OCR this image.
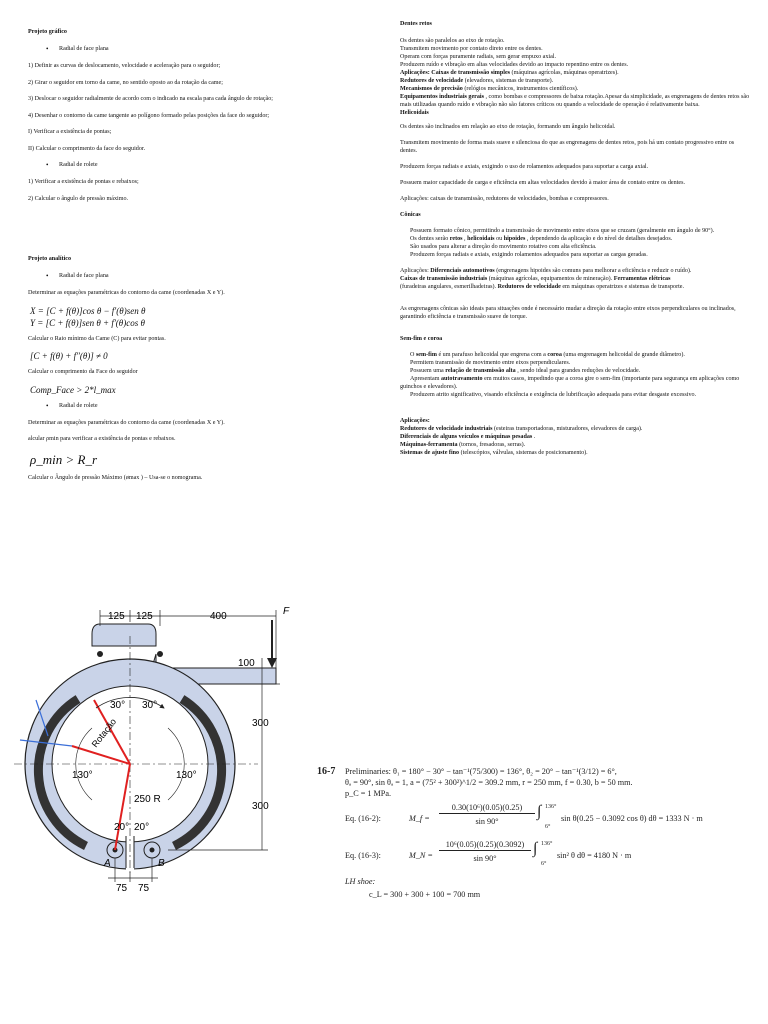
Projeto gráfico
• Radial de face plana
1) Definir as curvas de deslocamento, velocidade e aceleração para o seguidor;
2) Girar o seguidor em torno da came, no sentido oposto ao da rotação da came;
3) Deslocar o seguidor radialmente de acordo com o indicado na escala para cada ângulo de rotação;
4) Desenhar o contorno da came tangente ao polígono formado pelas posições da face do seguidor;
I) Verificar a existência de pontas;
II) Calcular o comprimento da face do seguidor.
• Radial de rolete
1) Verificar a existência de pontas e rebaixos;
2) Calcular o ângulo de pressão máximo.
Projeto analítico
• Radial de face plana
Determinar as equações paramétricas do contorno da came (coordenadas X e Y).
X = [C + f(θ)]cos θ − f′(θ)sen θ
Y = [C + f(θ)]sen θ + f′(θ)cos θ
Calcular o Raio mínimo da Came (C) para evitar pontas.
[C + f(θ) + f″(θ)] ≠ 0
Calcular o comprimento da Face do seguidor
Comp_Face > 2*l_max
• Radial de rolete
Determinar as equações paramétricas do contorno da came (coordenadas X e Y).
alcular ρmin para verificar a existência de pontas e rebaixos.
ρ_min > R_r
Calcular o Ângulo de pressão Máximo (ømax ) – Usa-se o nomograma.
Dentes retos
Os dentes são paralelos ao eixo de rotação.
Transmitem movimento por contato direto entre os dentes.
Operam com forças puramente radiais, sem gerar empuxo axial.
Produzem ruído e vibração em altas velocidades devido ao impacto repentino entre os dentes.
Aplicações: Caixas de transmissão simples (máquinas agrícolas, máquinas operatrizes).
Redutores de velocidade (elevadores, sistemas de transporte).
Mecanismos de precisão (relógios mecânicos, instrumentos científicos).
Equipamentos industriais gerais , como bombas e compressores de baixa rotação.Apesar da simplicidade, as engrenagens de dentes retos são mais utilizadas quando ruído e vibração não são fatores críticos ou quando a velocidade de operação é relativamente baixa.
Helicoidais
Os dentes são inclinados em relação ao eixo de rotação, formando um ângulo helicoidal.
Transmitem movimento de forma mais suave e silenciosa do que as engrenagens de dentes retos, pois há um contato progressivo entre os dentes.
Produzem forças radiais e axiais, exigindo o uso de rolamentos adequados para suportar a carga axial.
Possuem maior capacidade de carga e eficiência em altas velocidades devido à maior área de contato entre os dentes.
Aplicações: caixas de transmissão, redutores de velocidades, bombas e compressores.
Cônicas
Possuem formato cônico, permitindo a transmissão de movimento entre eixos que se cruzam (geralmente em ângulo de 90°).
Os dentes serão retos , helicoidais ou hipoides , dependendo da aplicação e do nível de detalhes desejados.
São usados para alterar a direção do movimento rotativo com alta eficiência.
Produzem forças radiais e axiais, exigindo rolamentos adequados para suportar as cargas geradas.
Aplicações: Diferenciais automotivos (engrenagens hipoides são comuns para melhorar a eficiência e reduzir o ruído).
Caixas de transmissão industriais (máquinas agrícolas, equipamentos de mineração). Ferramentas elétricas
(furadeiras angulares, esmerilhadeiras). Redutores de velocidade em máquinas operatrizes e sistemas de transporte.
As engrenagens cônicas são ideais para situações onde é necessário mudar a direção da rotação entre eixos perpendiculares ou inclinados, garantindo eficiência e transmissão suave de torque.
Sem-fim e coroa
O sem-fim é um parafuso helicoidal que engrena com a coroa (uma engrenagem helicoidal de grande diâmetro).
Permitem transmissão de movimento entre eixos perpendiculares.
Possuem uma relação de transmissão alta , sendo ideal para grandes reduções de velocidade.
Apresentam autotravamento em muitos casos, impedindo que a coroa gire o sem-fim (importante para segurança em aplicações como guinchos e elevadores).
Produzem atrito significativo, visando eficiência e exigência de lubrificação adequada para evitar desgaste excessivo.
Aplicações:
Redutores de velocidade industriais (esteiras transportadoras, misturadores, elevadores de carga).
Diferenciais de alguns veículos e máquinas pesadas .
Máquinas-ferramenta (tornos, fresadoras, serras).
Sistemas de ajuste fino (telescópios, válvulas, sistemas de posicionamento).
125 125	400	F
100
300
300
30° 30°
Rotação
130°	130°
250 R
20° 20°
A	B
75 75
16-7 Preliminaries: θ₁ = 180° − 30° − tan⁻¹(75/300) = 136°, θ₂ = 20° − tan⁻¹(3/12) = 6°,
θₐ = 90°, sin θₐ = 1, a = (75² + 300²)^1/2 = 309.2 mm, r = 250 mm, f = 0.30, b = 50 mm.
p_C = 1 MPa.
Eq. (16-2):	M_f =
0.30(10⁶)(0.05)(0.25)
sin 90°
∫ 136°
6°
sin θ(0.25 − 0.3092 cos θ) dθ = 1333 N · m
Eq. (16-3):	M_N =
10⁶(0.05)(0.25)(0.3092)
sin 90°
∫ 136°
6°
sin² θ dθ = 4180 N · m
LH shoe:
c_L = 300 + 300 + 100 = 700 mm
